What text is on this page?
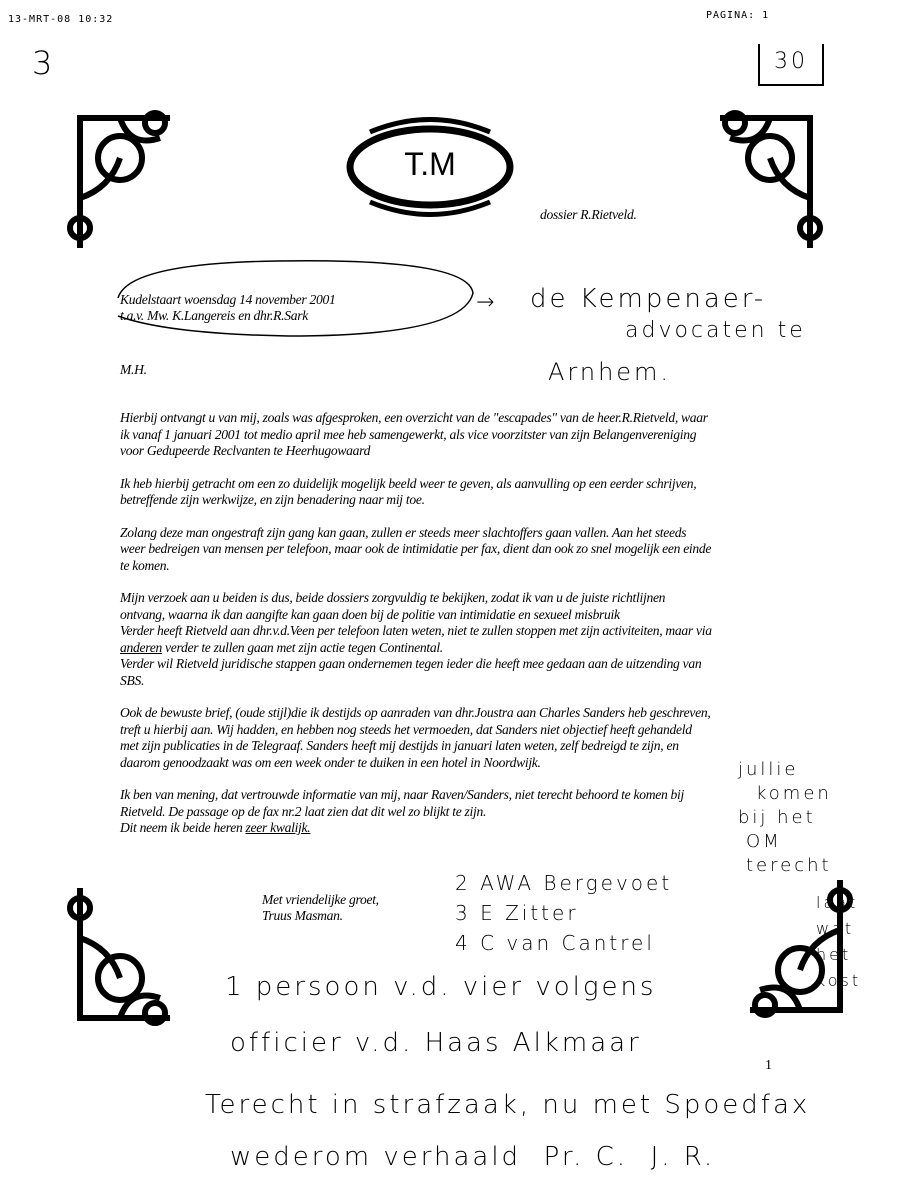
13-MRT-08 10:32	PAGINA: 1
3	30
T.M
dossier R.Rietveld.
Kudelstaart woensdag 14 november 2001
t.a.v. Mw. K.Langereis en dhr.R.Sark
→ de Kempenaer-
advocaten te
Arnhem.
M.H.

Hierbij ontvangt u van mij, zoals was afgesproken, een overzicht van de "escapades" van de heer.R.Rietveld, waar ik vanaf 1 januari 2001 tot medio april mee heb samengewerkt, als vice voorzitster van zijn Belangenvereniging voor Gedupeerde Reclvanten te Heerhugowaard

Ik heb hierbij getracht om een zo duidelijk mogelijk beeld weer te geven, als aanvulling op een eerder schrijven, betreffende zijn werkwijze, en zijn benadering naar mij toe.

Zolang deze man ongestraft zijn gang kan gaan, zullen er steeds meer slachtoffers gaan vallen. Aan het steeds weer bedreigen van mensen per telefoon, maar ook de intimidatie per fax, dient dan ook zo snel mogelijk een einde te komen.

Mijn verzoek aan u beiden is dus, beide dossiers zorgvuldig te bekijken, zodat ik van u de juiste richtlijnen ontvang, waarna ik dan aangifte kan gaan doen bij de politie van intimidatie en sexueel misbruik
Verder heeft Rietveld aan dhr.v.d.Veen per telefoon laten weten, niet te zullen stoppen met zijn activiteiten, maar via anderen verder te zullen gaan met zijn actie tegen Continental.
Verder wil Rietveld juridische stappen gaan ondernemen tegen ieder die heeft mee gedaan aan de uitzending van SBS.

Ook de bewuste brief, (oude stijl)die ik destijds op aanraden van dhr.Joustra aan Charles Sanders heb geschreven, treft u hierbij aan. Wij hadden, en hebben nog steeds het vermoeden, dat Sanders niet objectief heeft gehandeld met zijn publicaties in de Telegraaf. Sanders heeft mij destijds in januari laten weten, zelf bedreigd te zijn, en daarom genoodzaakt was om een week onder te duiken in een hotel in Noordwijk.

Ik ben van mening, dat vertrouwde informatie van mij, naar Raven/Sanders, niet terecht behoord te komen bij Rietveld. De passage op de fax nr.2 laat zien dat dit wel zo blijkt te zijn.
Dit neem ik beide heren zeer kwalijk.

Met vriendelijke groet,
Truus Masman.
jullie
komen
bij het
OM
terecht
2 AWA Bergevoet
3 E Zitter
4 C van Cantrel
laat
wat
het
kost
1
1 persoon v.d. vier volgens
officier v.d. Haas Alkmaar
Terecht in strafzaak, nu met Spoedfax
wederom verhaald  Pr. C.  J. R.
